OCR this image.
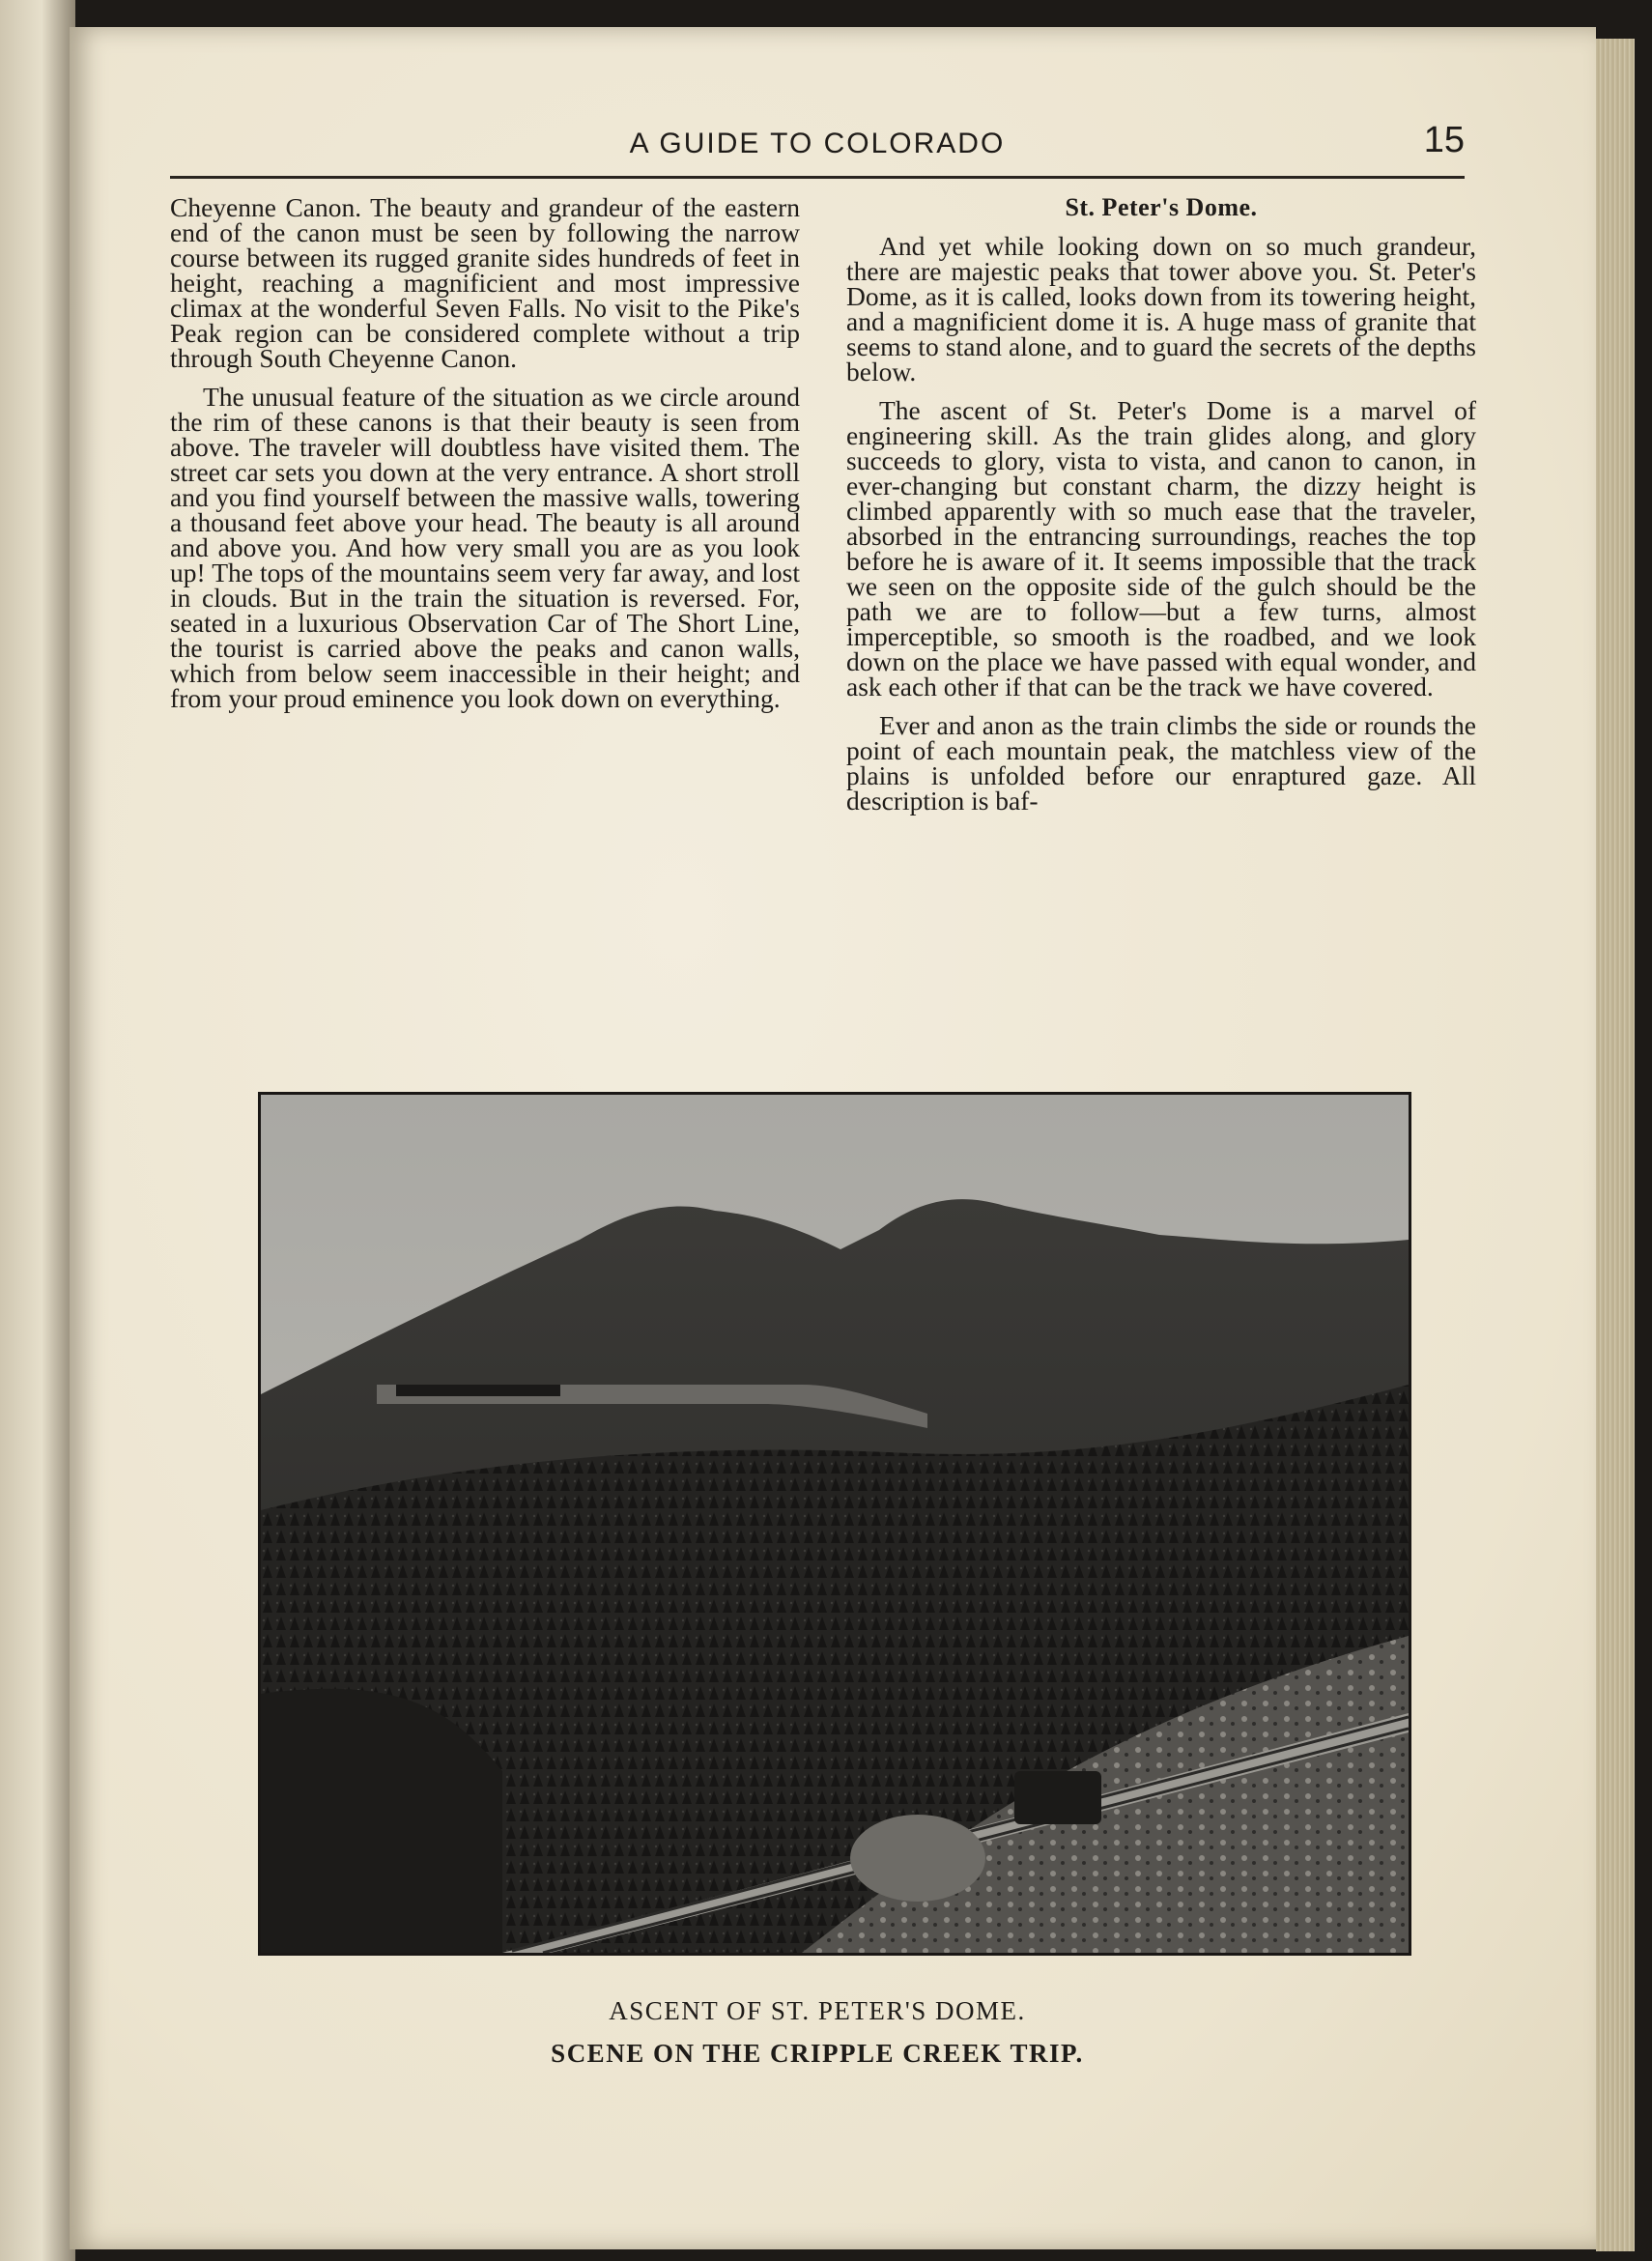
A GUIDE TO COLORADO	15

Cheyenne Canon. The beauty and grandeur of the eastern end of the canon must be seen by following the narrow course between its rugged granite sides hundreds of feet in height, reaching a magnificient and most impressive climax at the wonderful Seven Falls. No visit to the Pike's Peak region can be considered complete without a trip through South Cheyenne Canon.

The unusual feature of the situation as we circle around the rim of these canons is that their beauty is seen from above. The traveler will doubtless have visited them. The street car sets you down at the very entrance. A short stroll and you find yourself between the massive walls, towering a thousand feet above your head. The beauty is all around and above you. And how very small you are as you look up! The tops of the mountains seem very far away, and lost in clouds. But in the train the situation is reversed. For, seated in a luxurious Observation Car of The Short Line, the tourist is carried above the peaks and canon walls, which from below seem inaccessible in their height; and from your proud eminence you look down on everything.

St. Peter's Dome.

And yet while looking down on so much grandeur, there are majestic peaks that tower above you. St. Peter's Dome, as it is called, looks down from its towering height, and a magnificient dome it is. A huge mass of granite that seems to stand alone, and to guard the secrets of the depths below.

The ascent of St. Peter's Dome is a marvel of engineering skill. As the train glides along, and glory succeeds to glory, vista to vista, and canon to canon, in ever-changing but constant charm, the dizzy height is climbed apparently with so much ease that the traveler, absorbed in the entrancing surroundings, reaches the top before he is aware of it. It seems impossible that the track we seen on the opposite side of the gulch should be the path we are to follow—but a few turns, almost imperceptible, so smooth is the roadbed, and we look down on the place we have passed with equal wonder, and ask each other if that can be the track we have covered.

Ever and anon as the train climbs the side or rounds the point of each mountain peak, the matchless view of the plains is unfolded before our enraptured gaze. All description is baf-

ASCENT OF ST. PETER'S DOME.
SCENE ON THE CRIPPLE CREEK TRIP.
